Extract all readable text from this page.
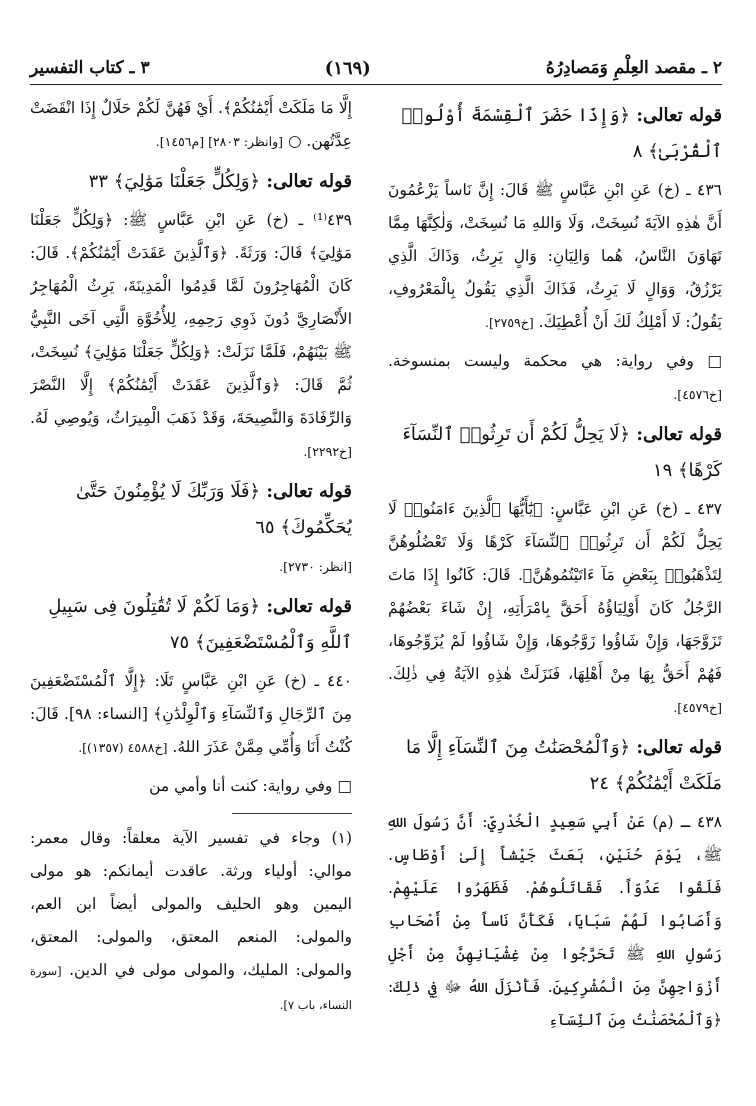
٢ ـ مقصد العِلْمِ وَمَصادِرُهُ
(١٦٩)
٣ ـ كتاب التفسير
قوله تعالى: ﴿وَإِذَا حَضَرَ ٱلْقِسْمَةَ أُوْلُوا۟ ٱلْقُرْبَىٰ﴾ ٨

٤٣٦ ـ (خ) عَنِ ابْنِ عَبَّاسٍ ﷺ قَالَ: إِنَّ نَاساً يَزْعُمُونَ أَنَّ هٰذِهِ الآيَةَ نُسِخَتْ، وَلَا وَاللهِ مَا نُسِخَتْ، وَلٰكِنَّهَا مِمَّا تَهَاوَنَ النَّاسُ، هُما وَالِيَانِ: وَالٍ يَرِثُ، وَذَاكَ الَّذِي يَرْزُقُ، وَوَالٍ لَا يَرِثُ، فَذَاكَ الَّذِي يَقُولُ بِالْمَعْرُوفِ، يَقُولُ: لَا أَمْلِكُ لَكَ أَنْ أُعْطِيَكَ. [خ٢٧٥٩].

□ وفي رواية: هي محكمة وليست بمنسوخة. [خ٤٥٧٦].

قوله تعالى: ﴿لَا يَحِلُّ لَكُمْ أَن تَرِثُوا۟ ٱلنِّسَآءَ كَرْهًا﴾ ١٩

٤٣٧ ـ (خ) عَنِ ابْنِ عَبَّاسٍ: ﴿يَٰٓأَيُّهَا ٱلَّذِينَ ءَامَنُوا۟ لَا يَحِلُّ لَكُمْ أَن تَرِثُوا۟ ٱلنِّسَآءَ كَرْهًا وَلَا تَعْضُلُوهُنَّ لِتَذْهَبُوا۟ بِبَعْضِ مَآ ءَاتَيْتُمُوهُنَّ﴾. قَالَ: كَانُوا إِذَا مَاتَ الرَّجُلُ كَانَ أَوْلِيَاؤُهُ أَحَقَّ بِامْرَأَتِهِ، إِنْ شَاءَ بَعْضُهُمْ تَزَوَّجَهَا، وَإِنْ شَاؤُوا زَوَّجُوهَا، وَإِنْ شَاؤُوا لَمْ يُزَوِّجُوهَا، فَهُمْ أَحَقُّ بِهَا مِنْ أَهْلِهَا، فَنَزَلَتْ هٰذِهِ الآيَةُ فِي ذٰلِكَ. [خ٤٥٧٩].

قوله تعالى: ﴿وَٱلْمُحْصَنَٰتُ مِنَ ٱلنِّسَآءِ إِلَّا مَا مَلَكَتْ أَيْمَٰنُكُمْ﴾ ٢٤

٤٣٨ ـ (م) عَنْ أَبِي سَعِيدٍ الْخُدْرِيِّ: أَنَّ رَسُولَ اللهِ ﷺ، يَوْمَ حُنَيْنٍ، بَعَثَ جَيْشاً إِلَىٰ أَوْطَاسٍ. فَلَقُوا عَدُوّاً. فَقَاتَلُوهُمْ. فَظَهَرُوا عَلَيْهِمْ. وَأَصَابُوا لَهُمْ سَبَايَا، فَكَأَنَّ نَاساً مِنْ أَصْحَابِ رَسُولِ اللهِ ﷺ تَحَرَّجُوا مِنْ غِشْيَانِهِنَّ مِنْ أَجْلِ أَزْوَاجِهِنَّ مِنَ الْمُشْرِكِينَ. فَأَنْزَلَ اللهُ ﷻ فِي ذٰلِكَ: ﴿وَٱلْمُحْصَنَٰتُ مِنَ ٱلنِّسَآءِ

إِلَّا مَا مَلَكَتْ أَيْمَٰنُكُمْ﴾. أَيْ فَهُنَّ لَكُمْ حَلَالٌ إِذَا انْقَضَتْ عِدَّتُهن. ○ [وانظر: ٢٨٠٣] [م١٤٥٦].

قوله تعالى: ﴿وَلِكُلٍّ جَعَلْنَا مَوَٰلِيَ﴾ ٣٣

٤٣٩⁽¹⁾ ـ (خ) عَنِ ابْنِ عَبَّاسٍ ﷺ: ﴿وَلِكُلٍّ جَعَلْنَا مَوَٰلِيَ﴾ قَالَ: وَرَثَةً. ﴿وَٱلَّذِينَ عَقَدَتْ أَيْمَٰنُكُمْ﴾. قَالَ: كَانَ الْمُهَاجِرُونَ لَمَّا قَدِمُوا الْمَدِينَةَ، يَرِثُ الْمُهَاجِرُ الأَنْصَارِيَّ دُونَ ذَوِي رَحِمِهِ، لِلأُخُوَّةِ الَّتِي آخَى النَّبِيُّ ﷺ بَيْنَهُمْ، فَلَمَّا نَزَلَتْ: ﴿وَلِكُلٍّ جَعَلْنَا مَوَٰلِيَ﴾ نُسِخَتْ، ثُمَّ قَالَ: ﴿وَٱلَّذِينَ عَقَدَتْ أَيْمَٰنُكُمْ﴾ إِلَّا النَّصْرَ وَالرِّفَادَةَ وَالنَّصِيحَةَ، وَقَدْ ذَهَبَ الْمِيرَاثُ، وَيُوصِي لَهُ. [خ٢٢٩٢].

قوله تعالى: ﴿فَلَا وَرَبِّكَ لَا يُؤْمِنُونَ حَتَّىٰ يُحَكِّمُوكَ﴾ ٦٥

[انظر: ٢٧٣٠].

قوله تعالى: ﴿وَمَا لَكُمْ لَا تُقَٰتِلُونَ فِى سَبِيلِ ٱللَّهِ وَٱلْمُسْتَضْعَفِينَ﴾ ٧٥

٤٤٠ ـ (خ) عَنِ ابْنِ عَبَّاسٍ تَلَا: ﴿إِلَّا ٱلْمُسْتَضْعَفِينَ مِنَ ٱلرِّجَالِ وَٱلنِّسَآءِ وَٱلْوِلْدَٰنِ﴾ [النساء: ٩٨]. قَالَ: كُنْتُ أَنَا وَأُمِّي مِمَّنْ عَذَرَ اللهُ. [خ٤٥٨٨ (١٣٥٧)].

□ وفي رواية: كنت أنا وأمي من

(١) وجاء في تفسير الآية معلقاً: وقال معمر: موالي: أولياء ورثة. عاقدت أيمانكم: هو مولى اليمين وهو الحليف والمولى أيضاً ابن العم، والمولى: المنعم المعتق، والمولى: المعتق، والمولى: المليك، والمولى مولى في الدين. [سورة النساء، باب ٧].
